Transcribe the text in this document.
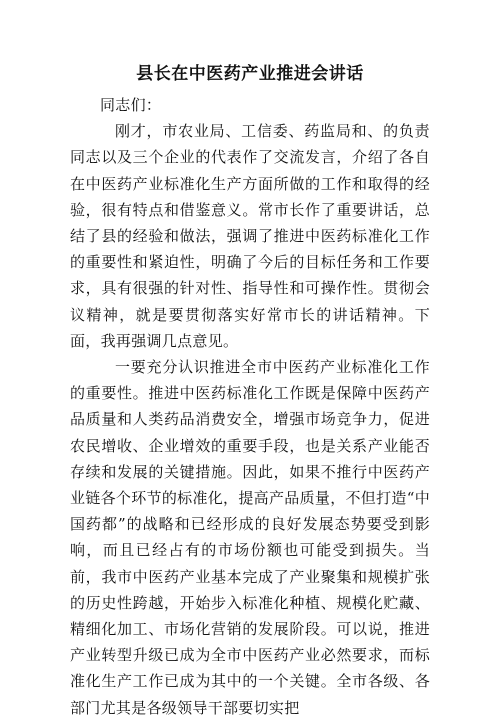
县长在中医药产业推进会讲话

同志们：

刚才，市农业局、工信委、药监局和、的负责同志以及三个企业的代表作了交流发言，介绍了各自在中医药产业标准化生产方面所做的工作和取得的经验，很有特点和借鉴意义。常市长作了重要讲话，总结了县的经验和做法，强调了推进中医药标准化工作的重要性和紧迫性，明确了今后的目标任务和工作要求，具有很强的针对性、指导性和可操作性。贯彻会议精神，就是要贯彻落实好常市长的讲话精神。下面，我再强调几点意见。

一要充分认识推进全市中医药产业标准化工作的重要性。推进中医药标准化工作既是保障中医药产品质量和人类药品消费安全，增强市场竞争力，促进农民增收、企业增效的重要手段，也是关系产业能否存续和发展的关键措施。因此，如果不推行中医药产业链各个环节的标准化，提高产品质量，不但打造“中国药都”的战略和已经形成的良好发展态势要受到影响，而且已经占有的市场份额也可能受到损失。当前，我市中医药产业基本完成了产业聚集和规模扩张的历史性跨越，开始步入标准化种植、规模化贮藏、精细化加工、市场化营销的发展阶段。可以说，推进产业转型升级已成为全市中医药产业必然要求，而标准化生产工作已成为其中的一个关键。全市各级、各部门尤其是各级领导干部要切实把
